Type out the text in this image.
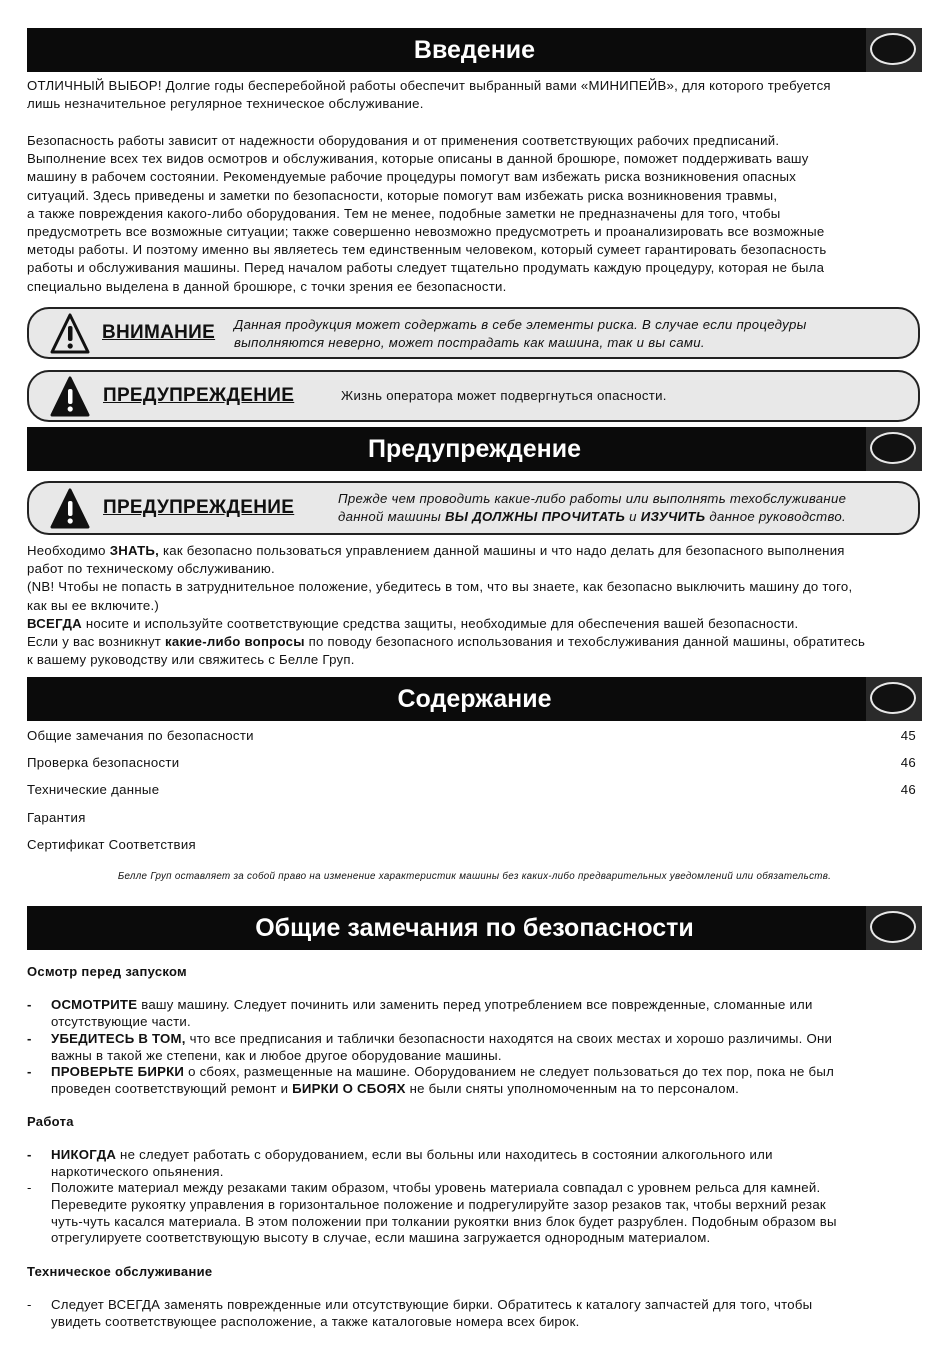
Введение

ОТЛИЧНЫЙ ВЫБОР! Долгие годы бесперебойной работы обеспечит выбранный вами «МИНИПЕЙВ», для которого требуется
лишь незначительное регулярное техническое обслуживание.

Безопасность работы зависит от надежности оборудования и от применения соответствующих рабочих предписаний.
Выполнение всех тех видов осмотров и обслуживания, которые описаны в данной брошюре, поможет поддерживать вашу
машину в рабочем состоянии. Рекомендуемые рабочие процедуры помогут вам избежать риска возникновения опасных
ситуаций. Здесь приведены и заметки по безопасности, которые помогут вам избежать риска возникновения травмы,
а также повреждения какого-либо оборудования. Тем не менее, подобные заметки не предназначены для того, чтобы
предусмотреть все возможные ситуации; также совершенно невозможно предусмотреть и проанализировать все возможные
методы работы. И поэтому именно вы являетесь тем единственным человеком, который сумеет гарантировать безопасность
работы и обслуживания машины. Перед началом работы следует тщательно продумать каждую процедуру, которая не была
специально выделена в данной брошюре, с точки зрения ее безопасности.

ВНИМАНИЕ Данная продукция может содержать в себе элементы риска. В случае если процедуры
выполняются неверно, может пострадать как машина, так и вы сами.
ПРЕДУПРЕЖДЕНИЕ	Жизнь оператора может подвергнуться опасности.
Предупреждение
ПРЕДУПРЕЖДЕНИЕ	Прежде чем проводить какие-либо работы или выполнять техобслуживание
данной машины ВЫ ДОЛЖНЫ ПРОЧИТАТЬ и ИЗУЧИТЬ данное руководство.

Необходимо ЗНАТЬ, как безопасно пользоваться управлением данной машины и что надо делать для безопасного выполнения
работ по техническому обслуживанию.
(NB! Чтобы не попасть в затруднительное положение, убедитесь в том, что вы знаете, как безопасно выключить машину до того,
как вы ее включите.)
ВСЕГДА носите и используйте соответствующие средства защиты, необходимые для обеспечения вашей безопасности.
Если у вас возникнут какие-либо вопросы по поводу безопасного использования и техобслуживания данной машины, обратитесь
к вашему руководству или свяжитесь с Белле Груп.

Содержание
Общие замечания по безопасности	45
Проверка безопасности	46
Технические данные	46
Гарантия
Сертификат Соответствия
Белле Груп оставляет за собой право на изменение характеристик машины без каких-либо предварительных уведомлений или обязательств.
Общие замечания по безопасности
Осмотр перед запуском
- ОСМОТРИТЕ вашу машину. Следует починить или заменить перед употреблением все поврежденные, сломанные или
отсутствующие части.
- УБЕДИТЕСЬ В ТОМ, что все предписания и таблички безопасности находятся на своих местах и хорошо различимы. Они
важны в такой же степени, как и любое другое оборудование машины.
- ПРОВЕРЬТЕ БИРКИ о сбоях, размещенные на машине. Оборудованием не следует пользоваться до тех пор, пока не был
проведен соответствующий ремонт и БИРКИ О СБОЯХ не были сняты уполномоченным на то персоналом.
Работа
- НИКОГДА не следует работать с оборудованием, если вы больны или находитесь в состоянии алкогольного или
наркотического опьянения.
- Положите материал между резаками таким образом, чтобы уровень материала совпадал с уровнем рельса для камней.
Переведите рукоятку управления в горизонтальное положение и подрегулируйте зазор резаков так, чтобы верхний резак
чуть-чуть касался материала. В этом положении при толкании рукоятки вниз блок будет разрублен. Подобным образом вы
отрегулируете соответствующую высоту в случае, если машина загружается однородным материалом.
Техническое обслуживание
- Следует ВСЕГДА заменять поврежденные или отсутствующие бирки. Обратитесь к каталогу запчастей для того, чтобы
увидеть соответствующее расположение, а также каталоговые номера всех бирок.
